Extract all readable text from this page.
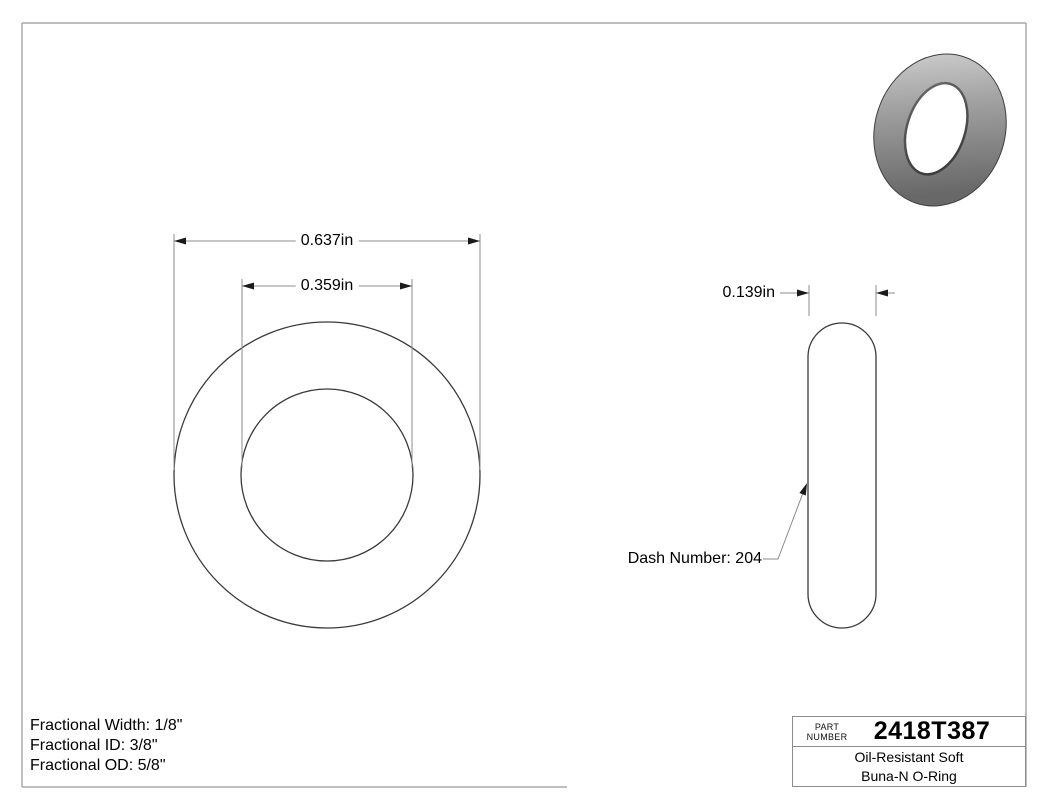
0.637in
0.359in	0.139in
Dash Number: 204
Fractional Width: 1/8"
Fractional ID: 3/8"
Fractional OD: 5/8"
PART
NUMBER	2418T387
Oil-Resistant Soft
Buna-N O-Ring
